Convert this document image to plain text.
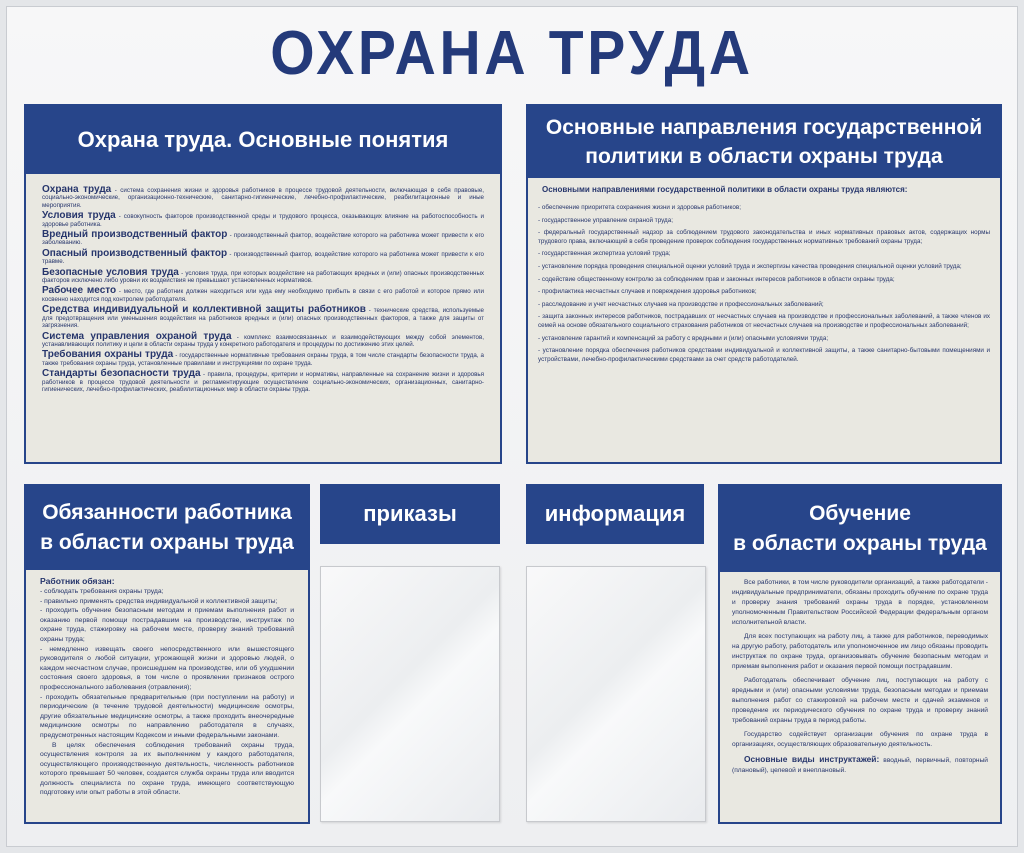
ОХРАНА ТРУДА
Охрана труда. Основные понятия
Охрана труда - система сохранения жизни и здоровья работников в процессе трудовой деятельности, включающая в себя правовые, социально-экономические, организационно-технические, санитарно-гигиенические, лечебно-профилактические, реабилитационные и иные мероприятия.
Условия труда - совокупность факторов производственной среды и трудового процесса, оказывающих влияние на работоспособность и здоровье работника.
Вредный производственный фактор - производственный фактор, воздействие которого на работника может привести к его заболеванию.
Опасный производственный фактор - производственный фактор, воздействие которого на работника может привести к его травме.
Безопасные условия труда - условия труда, при которых воздействие на работающих вредных и (или) опасных производственных факторов исключено либо уровни их воздействия не превышают установленных нормативов.
Рабочее место - место, где работник должен находиться или куда ему необходимо прибыть в связи с его работой и которое прямо или косвенно находится под контролем работодателя.
Средства индивидуальной и коллективной защиты работников - технические средства, используемые для предотвращения или уменьшения воздействия на работников вредных и (или) опасных производственных факторов, а также для защиты от загрязнения.
Система управления охраной труда - комплекс взаимосвязанных и взаимодействующих между собой элементов, устанавливающих политику и цели в области охраны труда у конкретного работодателя и процедуры по достижению этих целей.
Требования охраны труда - государственные нормативные требования охраны труда, в том числе стандарты безопасности труда, а также требования охраны труда, установленные правилами и инструкциями по охране труда.
Стандарты безопасности труда - правила, процедуры, критерии и нормативы, направленные на сохранение жизни и здоровья работников в процессе трудовой деятельности и регламентирующие осуществление социально-экономических, организационных, санитарно-гигиенических, лечебно-профилактических, реабилитационных мер в области охраны труда.
Основные направления государственной
политики в области охраны труда
Основными направлениями государственной политики в области охраны труда являются:

- обеспечение приоритета сохранения жизни и здоровья работников;

- государственное управление охраной труда;

- федеральный государственный надзор за соблюдением трудового законодательства и иных нормативных правовых актов, содержащих нормы трудового права, включающий в себя проведение проверок соблюдения государственных нормативных требований охраны труда;

- государственная экспертиза условий труда;

- установление порядка проведения специальной оценки условий труда и экспертизы качества проведения специальной оценки условий труда;

- содействие общественному контролю за соблюдением прав и законных интересов работников в области охраны труда;

- профилактика несчастных случаев и повреждения здоровья работников;

- расследование и учет несчастных случаев на производстве и профессиональных заболеваний;

- защита законных интересов работников, пострадавших от несчастных случаев на производстве и профессиональных заболеваний, а также членов их семей на основе обязательного социального страхования работников от несчастных случаев на производстве и профессиональных заболеваний;

- установление гарантий и компенсаций за работу с вредными и (или) опасными условиями труда;

- установление порядка обеспечения работников средствами индивидуальной и коллективной защиты, а также санитарно-бытовыми помещениями и устройствами, лечебно-профилактическими средствами за счет средств работодателей.

Обязанности работника
в области охраны труда
Работник обязан:

- соблюдать требования охраны труда;

- правильно применять средства индивидуальной и коллективной защиты;

- проходить обучение безопасным методам и приемам выполнения работ и оказанию первой помощи пострадавшим на производстве, инструктаж по охране труда, стажировку на рабочем месте, проверку знаний требований охраны труда;

- немедленно извещать своего непосредственного или вышестоящего руководителя о любой ситуации, угрожающей жизни и здоровью людей, о каждом несчастном случае, происшедшем на производстве, или об ухудшении состояния своего здоровья, в том числе о проявлении признаков острого профессионального заболевания (отравления);

- проходить обязательные предварительные (при поступлении на работу) и периодические (в течение трудовой деятельности) медицинские осмотры, другие обязательные медицинские осмотры, а также проходить внеочередные медицинские осмотры по направлению работодателя в случаях, предусмотренных настоящим Кодексом и иными федеральными законами.

В целях обеспечения соблюдения требований охраны труда, осуществления контроля за их выполнением у каждого работодателя, осуществляющего производственную деятельность, численность работников которого превышает 50 человек, создается служба охраны труда или вводится должность специалиста по охране труда, имеющего соответствующую подготовку или опыт работы в этой области.

приказы	информация	Обучение
в области охраны труда

Все работники, в том числе руководители организаций, а также работодатели - индивидуальные предприниматели, обязаны проходить обучение по охране труда и проверку знания требований охраны труда в порядке, установленном уполномоченным Правительством Российской Федерации федеральным органом исполнительной власти.

Для всех поступающих на работу лиц, а также для работников, переводимых на другую работу, работодатель или уполномоченное им лицо обязаны проводить инструктаж по охране труда, организовывать обучение безопасным методам и приемам выполнения работ и оказания первой помощи пострадавшим.

Работодатель обеспечивает обучение лиц, поступающих на работу с вредными и (или) опасными условиями труда, безопасным методам и приемам выполнения работ со стажировкой на рабочем месте и сдачей экзаменов и проведение их периодического обучения по охране труда и проверку знаний требований охраны труда в период работы.

Государство содействует организации обучения по охране труда в организациях, осуществляющих образовательную деятельность.

Основные виды инструктажей: вводный, первичный, повторный (плановый), целевой и внеплановый.
